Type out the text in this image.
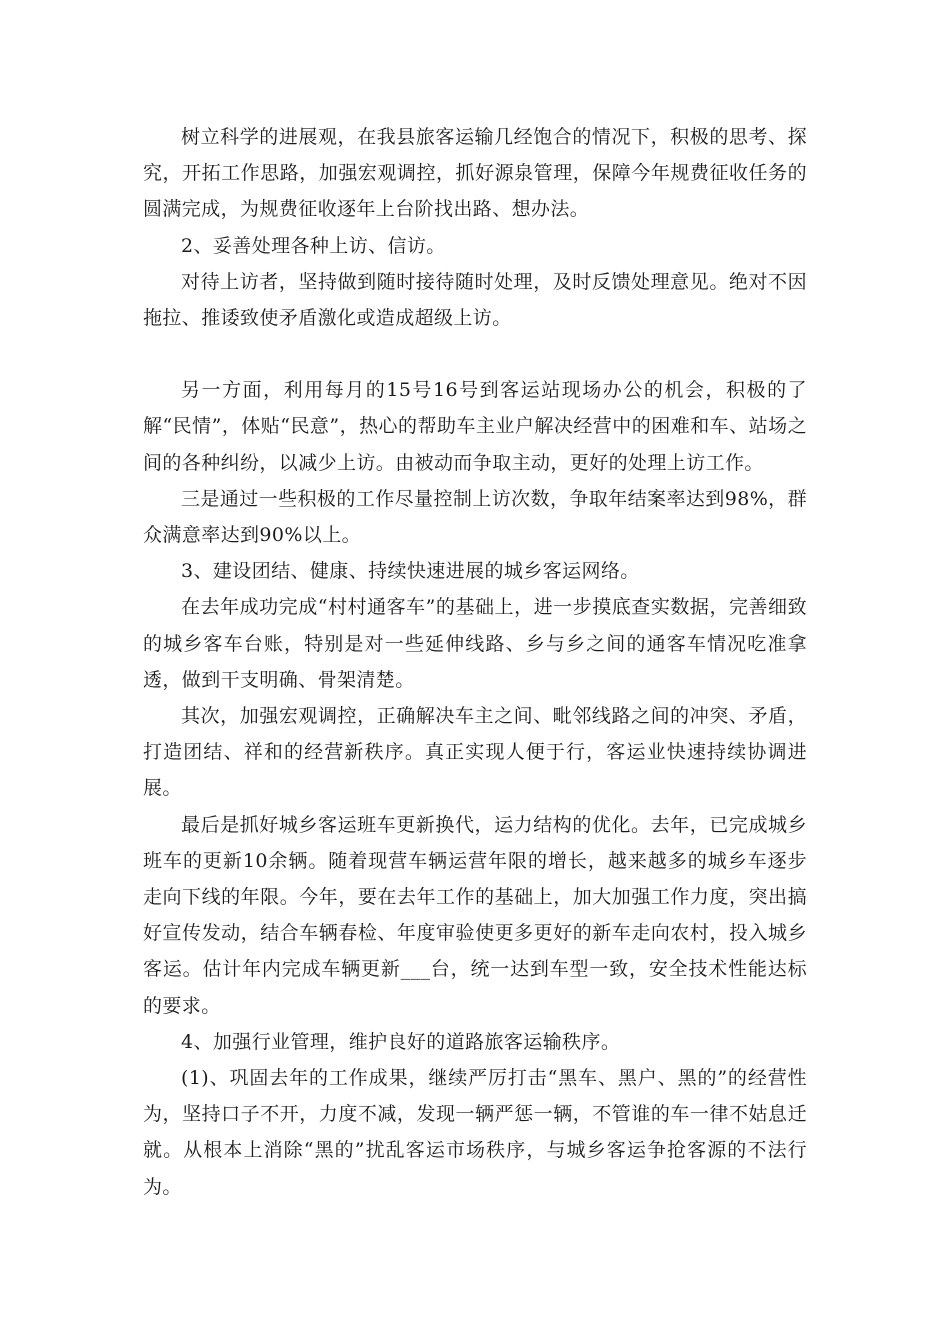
树立科学的进展观，在我县旅客运输几经饱合的情况下，积极的思考、探究，开拓工作思路，加强宏观调控，抓好源泉管理，保障今年规费征收任务的圆满完成，为规费征收逐年上台阶找出路、想办法。

2、妥善处理各种上访、信访。

对待上访者，坚持做到随时接待随时处理，及时反馈处理意见。绝对不因拖拉、推诿致使矛盾激化或造成超级上访。

另一方面，利用每月的15号16号到客运站现场办公的机会，积极的了解“民情”，体贴“民意”，热心的帮助车主业户解决经营中的困难和车、站场之间的各种纠纷，以减少上访。由被动而争取主动，更好的处理上访工作。

三是通过一些积极的工作尽量控制上访次数，争取年结案率达到98%，群众满意率达到90%以上。

3、建设团结、健康、持续快速进展的城乡客运网络。

在去年成功完成“村村通客车”的基础上，进一步摸底查实数据，完善细致的城乡客车台账，特别是对一些延伸线路、乡与乡之间的通客车情况吃准拿透，做到干支明确、骨架清楚。

其次，加强宏观调控，正确解决车主之间、毗邻线路之间的冲突、矛盾，打造团结、祥和的经营新秩序。真正实现人便于行，客运业快速持续协调进展。

最后是抓好城乡客运班车更新换代，运力结构的优化。去年，已完成城乡班车的更新10余辆。随着现营车辆运营年限的增长，越来越多的城乡车逐步走向下线的年限。今年，要在去年工作的基础上，加大加强工作力度，突出搞好宣传发动，结合车辆春检、年度审验使更多更好的新车走向农村，投入城乡客运。估计年内完成车辆更新___台，统一达到车型一致，安全技术性能达标的要求。

4、加强行业管理，维护良好的道路旅客运输秩序。

(1)、巩固去年的工作成果，继续严厉打击“黑车、黑户、黑的”的经营性为，坚持口子不开，力度不减，发现一辆严惩一辆，不管谁的车一律不姑息迁就。从根本上消除“黑的”扰乱客运市场秩序，与城乡客运争抢客源的不法行为。
